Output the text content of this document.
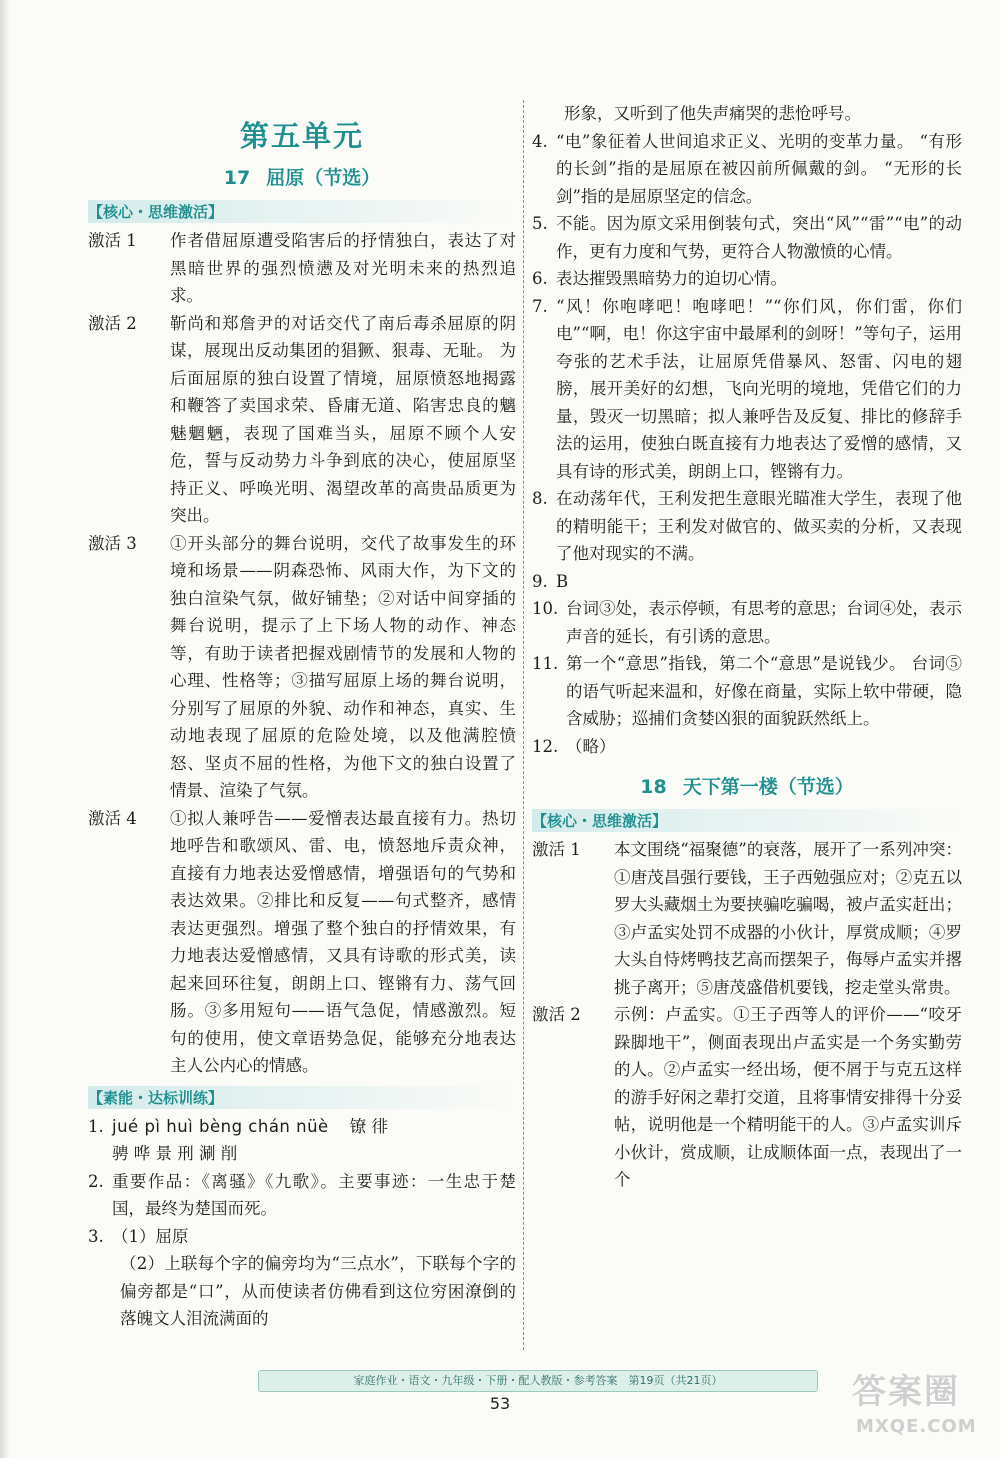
第五单元
17 屈原（节选）
【核心・思维激活】
激活 1	作者借屈原遭受陷害后的抒情独白，表达了对黑暗世界的强烈愤懑及对光明未来的热烈追求。
激活 2	靳尚和郑詹尹的对话交代了南后毒杀屈原的阴谋，展现出反动集团的猖獗、狠毒、无耻。 为后面屈原的独白设置了情境，屈原愤怒地揭露和鞭答了卖国求荣、昏庸无道、陷害忠良的魑魅魍魉，表现了国难当头，屈原不顾个人安危，誓与反动势力斗争到底的决心，使屈原坚持正义、呼唤光明、渴望改革的高贵品质更为突出。
激活 3	①开头部分的舞台说明，交代了故事发生的环境和场景——阴森恐怖、风雨大作，为下文的独白渲染气氛，做好铺垫；②对话中间穿插的舞台说明，提示了上下场人物的动作、神态等，有助于读者把握戏剧情节的发展和人物的心理、性格等；③描写屈原上场的舞台说明，分别写了屈原的外貌、动作和神态，真实、生动地表现了屈原的危险处境，以及他满腔愤怒、坚贞不屈的性格，为他下文的独白设置了情景、渲染了气氛。
激活 4	①拟人兼呼告——爱憎表达最直接有力。热切地呼告和歌颂风、雷、电，愤怒地斥责众神，直接有力地表达爱憎感情，增强语句的气势和表达效果。②排比和反复——句式整齐，感情表达更强烈。增强了整个独白的抒情效果，有力地表达爱憎感情，又具有诗歌的形式美，读起来回环往复，朗朗上口、铿锵有力、荡气回肠。③多用短句——语气急促，情感激烈。短句的使用，使文章语势急促，能够充分地表达主人公内心的情感。
【素能・达标训练】
1. jué pì huì bèng chán nüè 镣 徘
骋 哗 景 刑 涮 削
2. 重要作品：《离骚》《九歌》。主要事迹：一生忠于楚国，最终为楚国而死。
3. （1）屈原
（2）上联每个字的偏旁均为“三点水”，下联每个字的偏旁都是“口”，从而使读者仿佛看到这位穷困潦倒的落魄文人泪流满面的
形象，又听到了他失声痛哭的悲怆呼号。
4. “电”象征着人世间追求正义、光明的变革力量。 “有形的长剑”指的是屈原在被囚前所佩戴的剑。 “无形的长剑”指的是屈原坚定的信念。
5. 不能。因为原文采用倒装句式，突出“风”“雷”“电”的动作，更有力度和气势，更符合人物激愤的心情。
6. 表达摧毁黑暗势力的迫切心情。
7. “风！你咆哮吧！咆哮吧！”“你们风，你们雷，你们电”“啊，电！你这宇宙中最犀利的剑呀！”等句子，运用夸张的艺术手法，让屈原凭借暴风、怒雷、闪电的翅膀，展开美好的幻想，飞向光明的境地，凭借它们的力量，毁灭一切黑暗；拟人兼呼告及反复、排比的修辞手法的运用，使独白既直接有力地表达了爱憎的感情，又具有诗的形式美，朗朗上口，铿锵有力。
8. 在动荡年代，王利发把生意眼光瞄准大学生，表现了他的精明能干；王利发对做官的、做买卖的分析，又表现了他对现实的不满。
9. B
10. 台词③处，表示停顿，有思考的意思；台词④处，表示声音的延长，有引诱的意思。
11. 第一个“意思”指钱，第二个“意思”是说钱少。 台词⑤的语气听起来温和，好像在商量，实际上软中带硬，隐含威胁；巡捕们贪婪凶狠的面貌跃然纸上。
12. （略）
18 天下第一楼（节选）
【核心・思维激活】
激活 1	本文围绕“福聚德”的衰落，展开了一系列冲突：①唐茂昌强行要钱，王子西勉强应对；②克五以罗大头藏烟土为要挟骗吃骗喝，被卢孟实赶出；③卢孟实处罚不成器的小伙计，厚赏成顺；④罗大头自恃烤鸭技艺高而摆架子，侮辱卢孟实并撂挑子离开；⑤唐茂盛借机要钱，挖走堂头常贵。
激活 2	示例：卢孟实。①王子西等人的评价——“咬牙跺脚地干”，侧面表现出卢孟实是一个务实勤劳的人。②卢孟实一经出场，便不屑于与克五这样的游手好闲之辈打交道，且将事情安排得十分妥帖，说明他是一个精明能干的人。③卢孟实训斥小伙计，赏成顺，让成顺体面一点，表现出了一个
家庭作业・语文・九年级・下册・配人教版・参考答案　第19页（共21页）
53	答案圈
MXQE.COM
